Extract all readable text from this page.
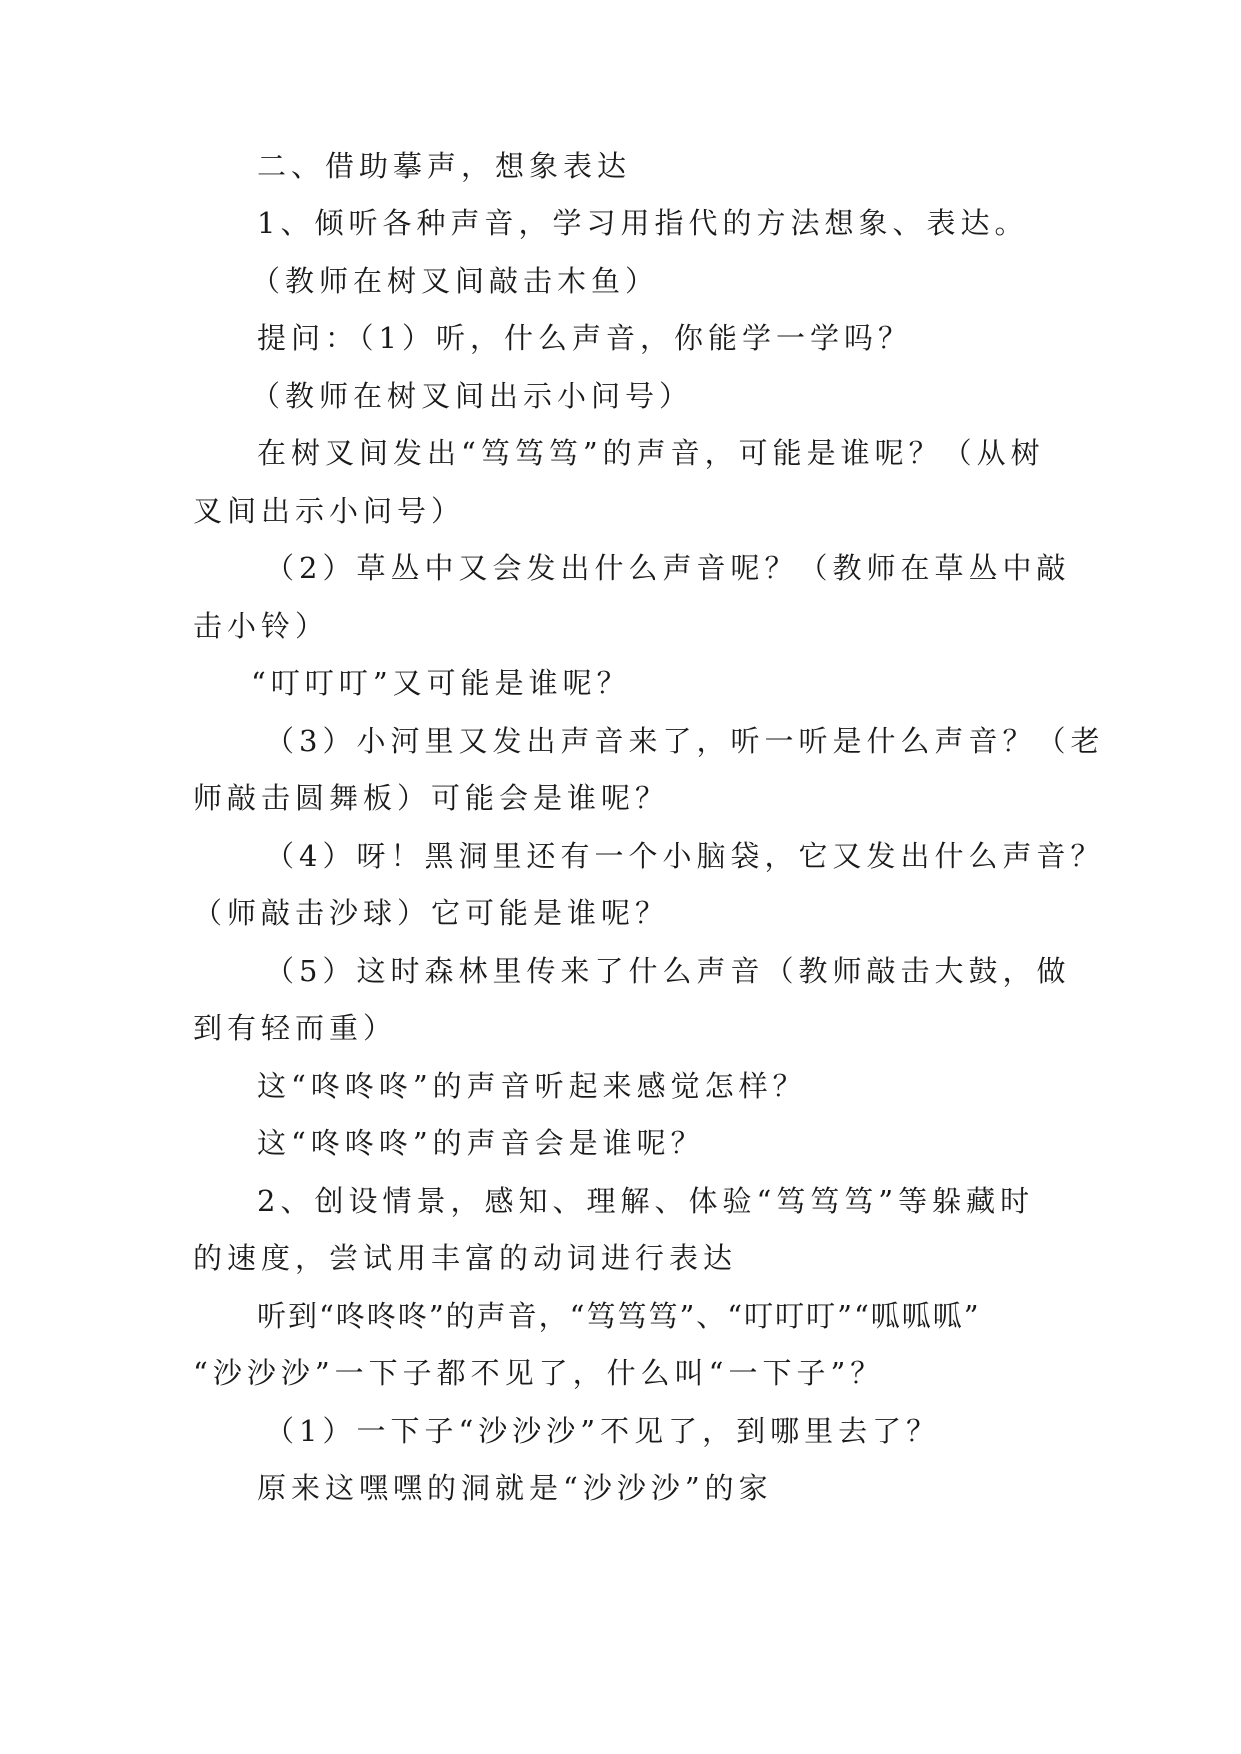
二、借助摹声，想象表达
1、倾听各种声音，学习用指代的方法想象、表达。
（教师在树叉间敲击木鱼）
提问：（1）听，什么声音，你能学一学吗？
（教师在树叉间出示小问号）
在树叉间发出“笃笃笃”的声音，可能是谁呢？（从树
叉间出示小问号）
（2）草丛中又会发出什么声音呢？（教师在草丛中敲
击小铃）
“叮叮叮”又可能是谁呢？
（3）小河里又发出声音来了，听一听是什么声音？（老
师敲击圆舞板）可能会是谁呢？
（4）呀！黑洞里还有一个小脑袋，它又发出什么声音？
（师敲击沙球）它可能是谁呢？
（5）这时森林里传来了什么声音（教师敲击大鼓，做
到有轻而重）
这“咚咚咚”的声音听起来感觉怎样？
这“咚咚咚”的声音会是谁呢？
2、创设情景，感知、理解、体验“笃笃笃”等躲藏时
的速度，尝试用丰富的动词进行表达
听到“咚咚咚”的声音，“笃笃笃”、“叮叮叮”“呱呱呱”
“沙沙沙”一下子都不见了，什么叫“一下子”？
（1）一下子“沙沙沙”不见了，到哪里去了？
原来这嘿嘿的洞就是“沙沙沙”的家
